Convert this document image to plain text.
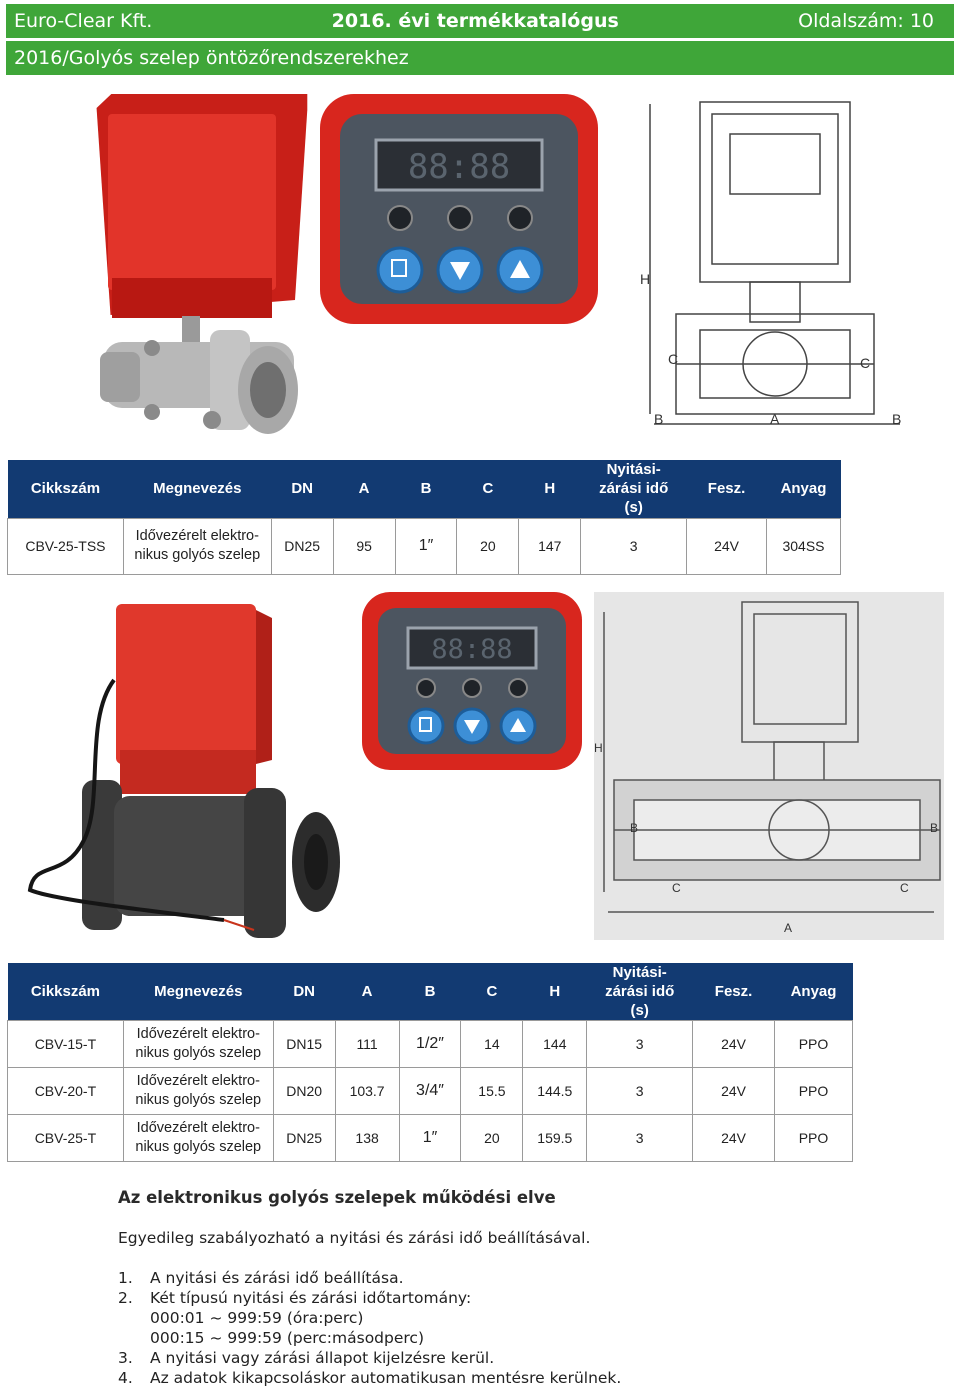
Euro-Clear Kft.	2016. évi termékkatalógus	Oldalszám: 10
2016/Golyós szelep öntözőrendszerekhez
88:88
C	C
A
B	B
H
Cikkszám	Megnevezés	DN	A	B	C	H	Nyitási-
zárási idő
(s)	Fesz.	Anyag
CBV-25-TSS	Idővezérelt elektro-
nikus golyós szelep	DN25	95	1″	20	147	3	24V	304SS
88:88
H
A
C	C
B	B
Cikkszám	Megnevezés	DN	A	B	C	H	Nyitási-
zárási idő
(s)	Fesz.	Anyag
CBV-15-T	Idővezérelt elektro-
nikus golyós szelep	DN15	111	1/2″	14	144	3	24V	PPO
CBV-20-T	Idővezérelt elektro-
nikus golyós szelep	DN20	103.7	3/4″	15.5	144.5	3	24V	PPO
CBV-25-T	Idővezérelt elektro-
nikus golyós szelep	DN25	138	1″	20	159.5	3	24V	PPO
Az elektronikus golyós szelepek működési elve

Egyedileg szabályozható a nyitási és zárási idő beállításával.

1.	A nyitási és zárási idő beállítása.
2.	Két típusú nyitási és zárási időtartomány:
000:01 ~ 999:59 (óra:perc)
000:15 ~ 999:59 (perc:másodperc)
3.	A nyitási vagy zárási állapot kijelzésre kerül.
4.	Az adatok kikapcsoláskor automatikusan mentésre kerülnek.
